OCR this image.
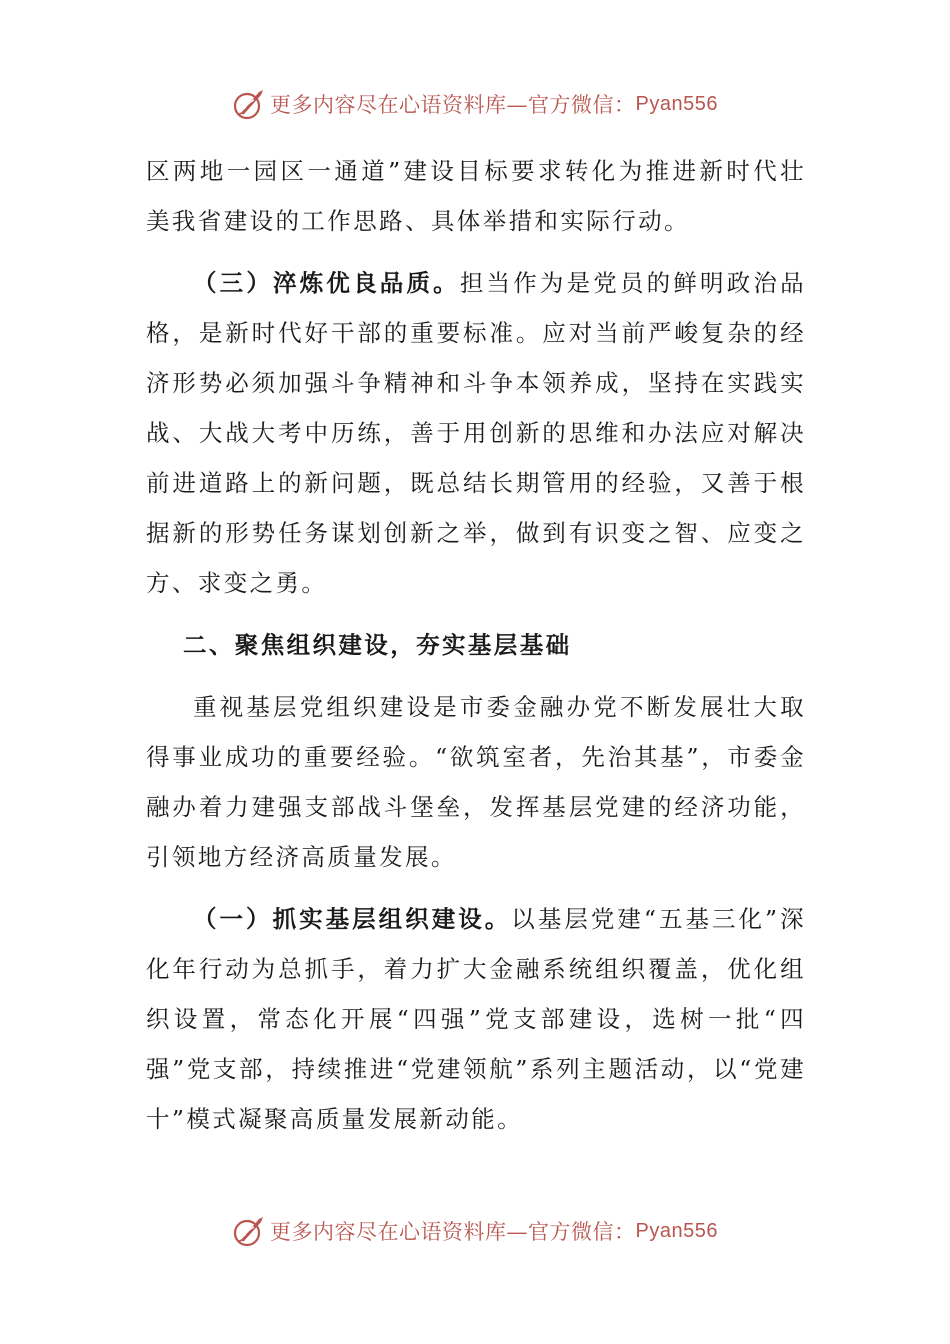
更多内容尽在心语资料库—官方微信： Pyan556

区两地一园区一通道”建设目标要求转化为推进新时代壮美我省建设的工作思路、具体举措和实际行动。

（三）淬炼优良品质。担当作为是党员的鲜明政治品格，是新时代好干部的重要标准。应对当前严峻复杂的经济形势必须加强斗争精神和斗争本领养成，坚持在实践实战、大战大考中历练，善于用创新的思维和办法应对解决前进道路上的新问题，既总结长期管用的经验，又善于根据新的形势任务谋划创新之举，做到有识变之智、应变之方、求变之勇。

二、聚焦组织建设，夯实基层基础

重视基层党组织建设是市委金融办党不断发展壮大取得事业成功的重要经验。“欲筑室者，先治其基”，市委金融办着力建强支部战斗堡垒，发挥基层党建的经济功能，引领地方经济高质量发展。

（一）抓实基层组织建设。以基层党建“五基三化”深化年行动为总抓手，着力扩大金融系统组织覆盖，优化组织设置，常态化开展“四强”党支部建设，选树一批“四强”党支部，持续推进“党建领航”系列主题活动，以“党建十”模式凝聚高质量发展新动能。

更多内容尽在心语资料库—官方微信： Pyan556
